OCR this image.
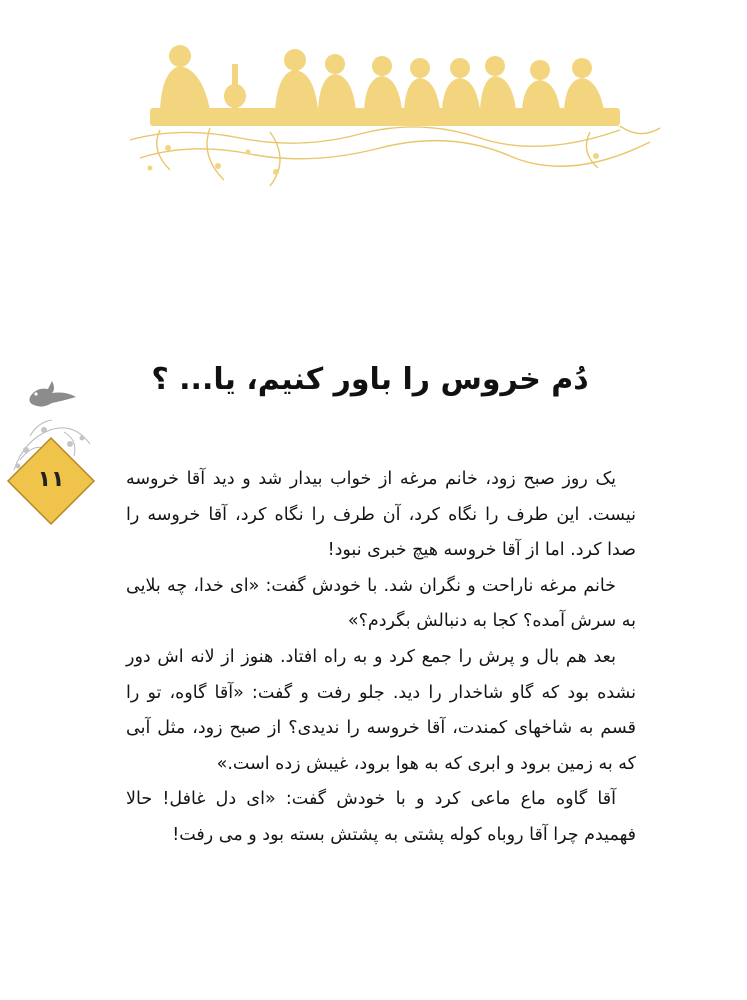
دُم خروس را باور کنیم، یا... ؟
۱۱	یک روز صبح زود، خانم مرغه از خواب بیدار شد و دید آقا خروسه نیست. این طرف را نگاه کرد، آن طرف را نگاه کرد، آقا خروسه را صدا کرد. اما از آقا خروسه هیچ خبری نبود!

خانم مرغه ناراحت و نگران شد. با خودش گفت: «ای خدا، چه بلایی به سرش آمده؟ کجا به دنبالش بگردم؟»

بعد هم بال و پرش را جمع کرد و به راه افتاد. هنوز از لانه اش دور نشده بود که گاو شاخدار را دید. جلو رفت و گفت: «آقا گاوه، تو را قسم به شاخهای کمندت، آقا خروسه را ندیدی؟ از صبح زود، مثل آبی که به زمین برود و ابری که به هوا برود، غیبش زده است.»

آقا گاوه ماع ماعی کرد و با خودش گفت: «ای دل غافل! حالا فهمیدم چرا آقا روباه کوله پشتی به پشتش بسته بود و می رفت!
